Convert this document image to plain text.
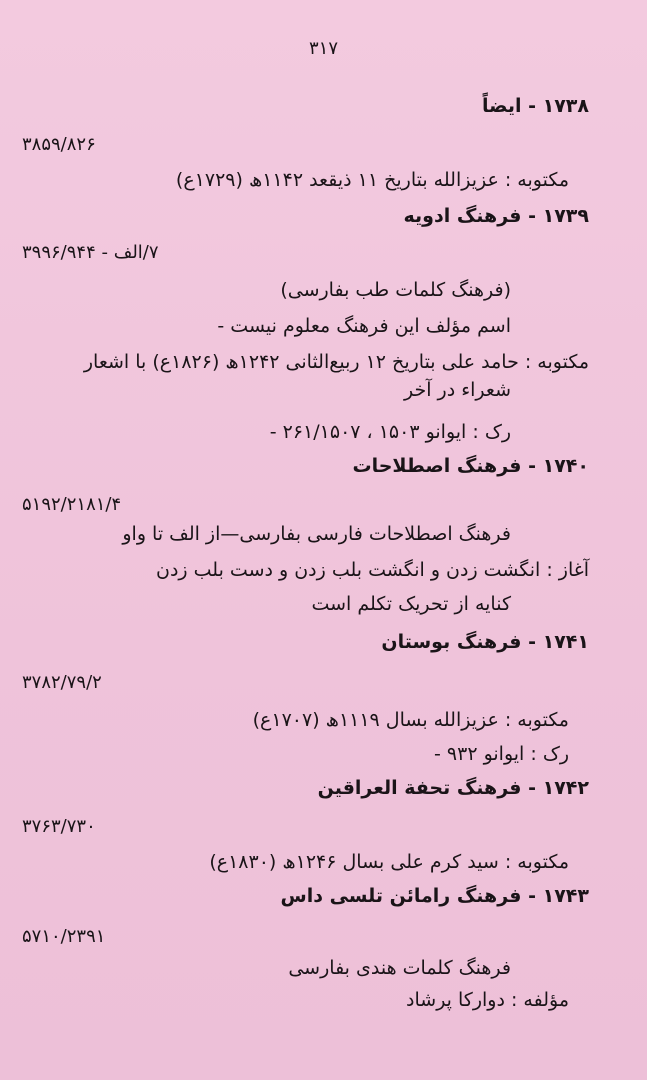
۳۱۷
۱۷۳۸ - ایضاً
۳۸۵۹/۸۲۶
مکتوبه : عزیزالله بتاریخ ۱۱ ذیقعد ۱۱۴۲ھ (۱۷۲۹ع)
۱۷۳۹ - فرهنگ ادویه
۷/الف - ۳۹۹۶/۹۴۴
(فرهنگ کلمات طب بفارسی)
اسم مؤلف این فرهنگ معلوم نیست -
مکتوبه : حامد علی بتاریخ ۱۲ ربیع‌الثانی ۱۲۴۲ھ (۱۸۲۶ع) با اشعار
شعراء در آخر
رک : ایوانو ۱۵۰۳ ، ۲۶۱/۱۵۰۷ -
۱۷۴۰ - فرهنگ اصطلاحات
۵۱۹۲/۲۱۸۱/۴
فرهنگ اصطلاحات فارسی بفارسی—از الف تا واو
آغاز : انگشت زدن و انگشت بلب زدن و دست بلب زدن
کنایه از تحریک تکلم است
۱۷۴۱ - فرهنگ بوستان
۳۷۸۲/۷۹/۲
مکتوبه : عزیزالله بسال ۱۱۱۹ھ (۱۷۰۷ع)
رک : ایوانو ۹۳۲ -
۱۷۴۲ - فرهنگ تحفة العراقین
۳۷۶۳/۷۳۰
مکتوبه : سید کرم علی بسال ۱۲۴۶ھ (۱۸۳۰ع)
۱۷۴۳ - فرهنگ رامائن تلسی داس
۵۷۱۰/۲۳۹۱
فرهنگ کلمات هندی بفارسی
مؤلفه : دوارکا پرشاد
